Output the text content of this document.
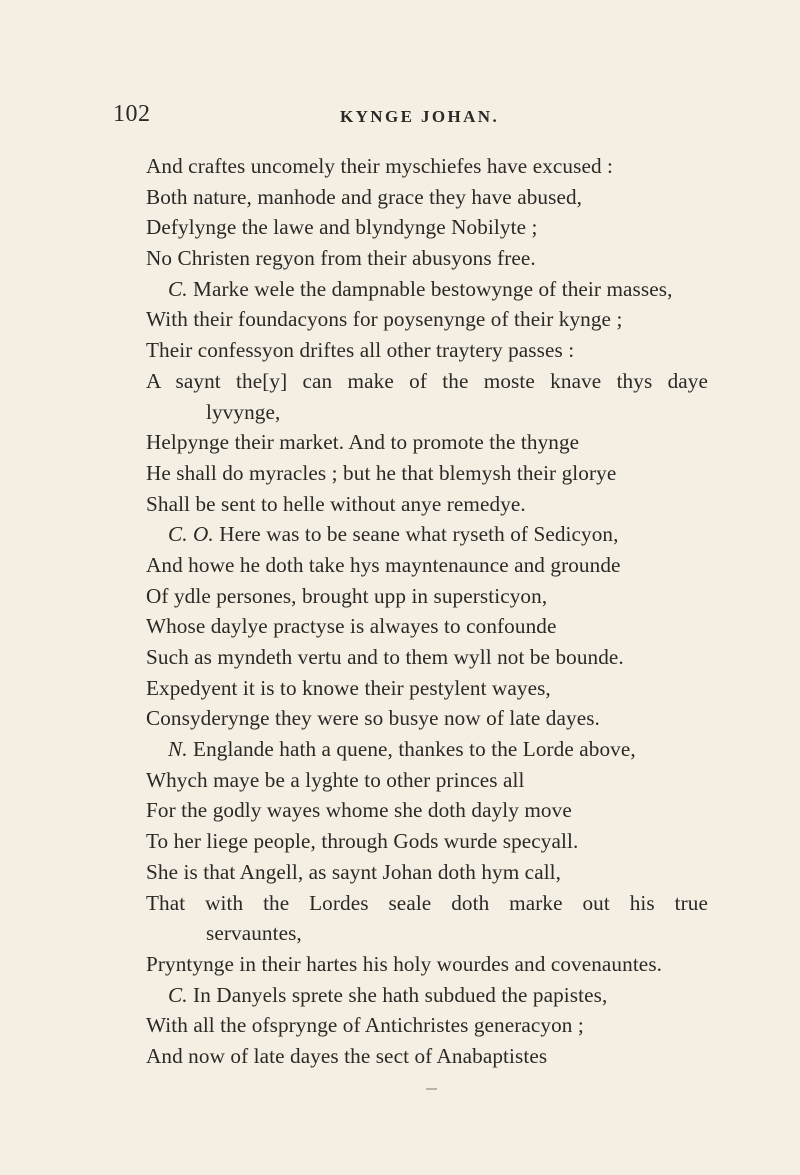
102	KYNGE JOHAN.
And craftes uncomely their myschiefes have excused :
Both nature, manhode and grace they have abused,
Defylynge the lawe and blyndynge Nobilyte ;
No Christen regyon from their abusyons free.
C. Marke wele the dampnable bestowynge of their masses,
With their foundacyons for poysenynge of their kynge ;
Their confessyon driftes all other traytery passes :
A saynt the[y] can make of the moste knave thys daye
lyvynge,
Helpynge their market. And to promote the thynge
He shall do myracles ; but he that blemysh their glorye
Shall be sent to helle without anye remedye.
C. O. Here was to be seane what ryseth of Sedicyon,
And howe he doth take hys mayntenaunce and grounde
Of ydle persones, brought upp in supersticyon,
Whose daylye practyse is alwayes to confounde
Such as myndeth vertu and to them wyll not be bounde.
Expedyent it is to knowe their pestylent wayes,
Consyderynge they were so busye now of late dayes.
N. Englande hath a quene, thankes to the Lorde above,
Whych maye be a lyghte to other princes all
For the godly wayes whome she doth dayly move
To her liege people, through Gods wurde specyall.
She is that Angell, as saynt Johan doth hym call,
That with the Lordes seale doth marke out his true
servauntes,
Pryntynge in their hartes his holy wourdes and covenauntes.
C. In Danyels sprete she hath subdued the papistes,
With all the ofsprynge of Antichristes generacyon ;
And now of late dayes the sect of Anabaptistes
